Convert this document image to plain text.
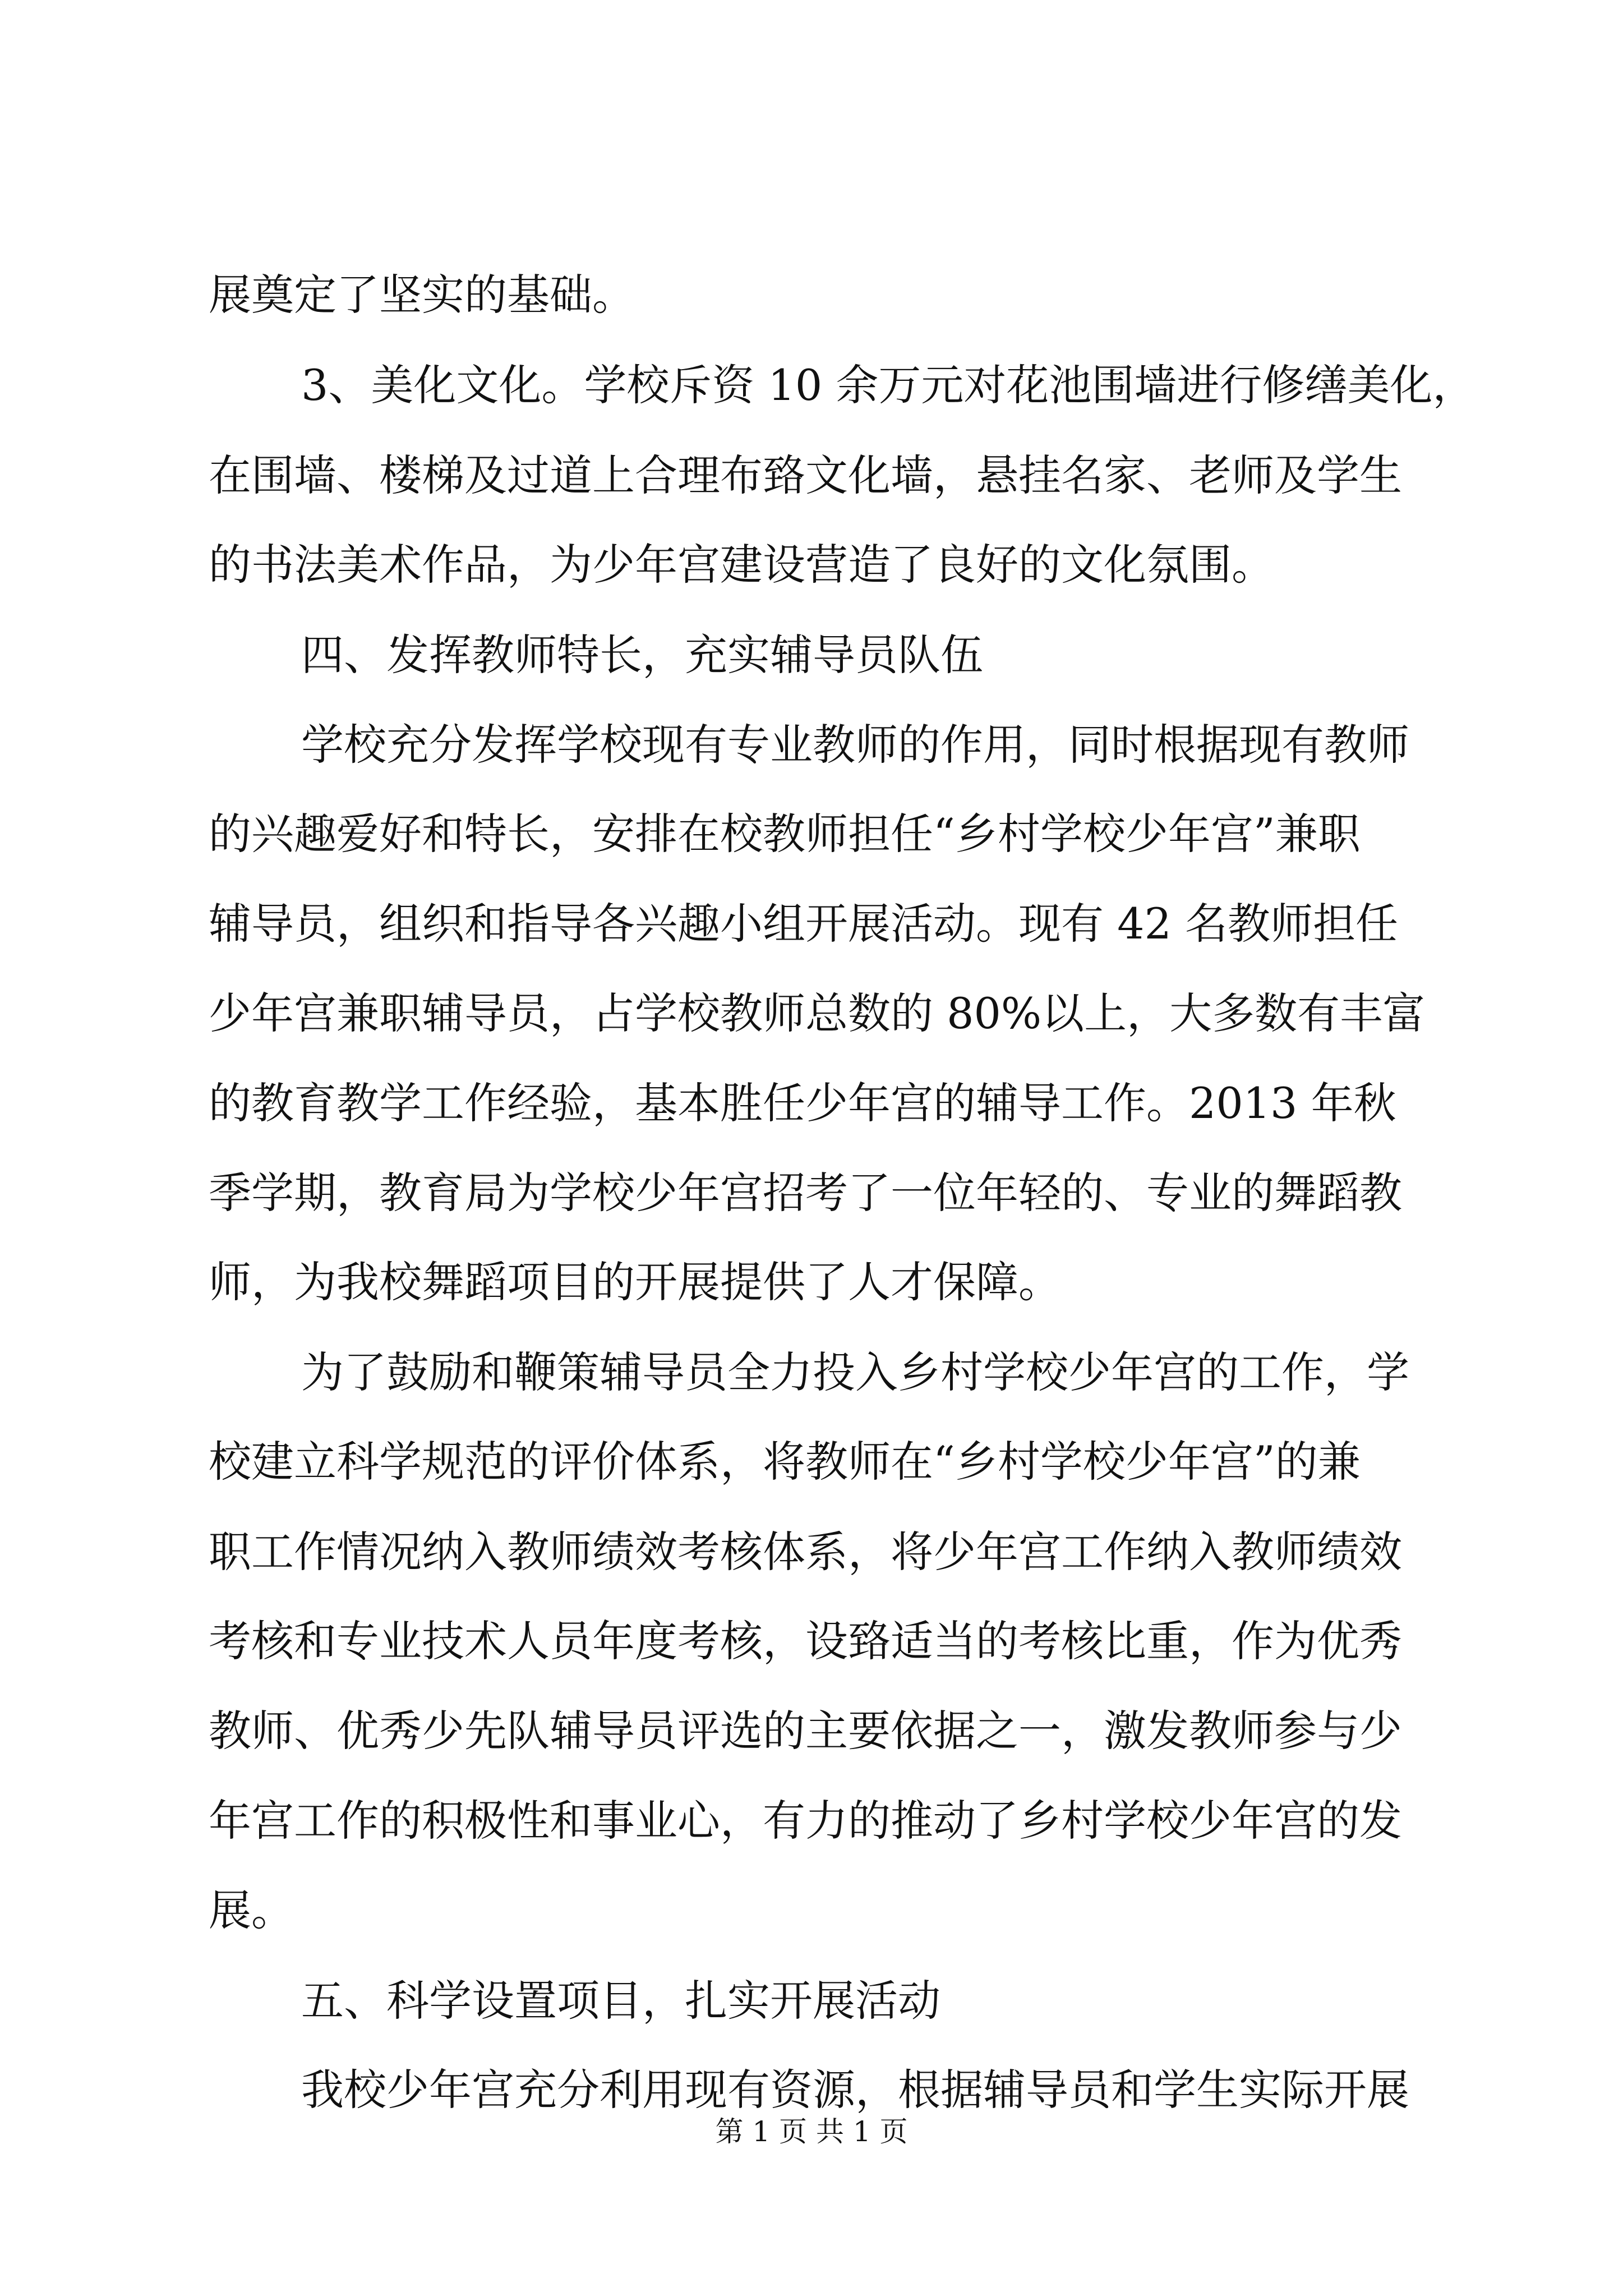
展奠定了坚实的基础。
3、美化文化。学校斥资 10 余万元对花池围墙进行修缮美化，
在围墙、楼梯及过道上合理布臵文化墙，悬挂名家、老师及学生
的书法美术作品，为少年宫建设营造了良好的文化氛围。
四、发挥教师特长，充实辅导员队伍
学校充分发挥学校现有专业教师的作用，同时根据现有教师
的兴趣爱好和特长，安排在校教师担任“乡村学校少年宫”兼职
辅导员，组织和指导各兴趣小组开展活动。现有 42 名教师担任
少年宫兼职辅导员，占学校教师总数的 80%以上，大多数有丰富
的教育教学工作经验，基本胜任少年宫的辅导工作。2013 年秋
季学期，教育局为学校少年宫招考了一位年轻的、专业的舞蹈教
师，为我校舞蹈项目的开展提供了人才保障。
为了鼓励和鞭策辅导员全力投入乡村学校少年宫的工作，学
校建立科学规范的评价体系，将教师在“乡村学校少年宫”的兼
职工作情况纳入教师绩效考核体系，将少年宫工作纳入教师绩效
考核和专业技术人员年度考核，设臵适当的考核比重，作为优秀
教师、优秀少先队辅导员评选的主要依据之一，激发教师参与少
年宫工作的积极性和事业心，有力的推动了乡村学校少年宫的发
展。
五、科学设置项目，扎实开展活动
我校少年宫充分利用现有资源，根据辅导员和学生实际开展
第 1 页 共 1 页
